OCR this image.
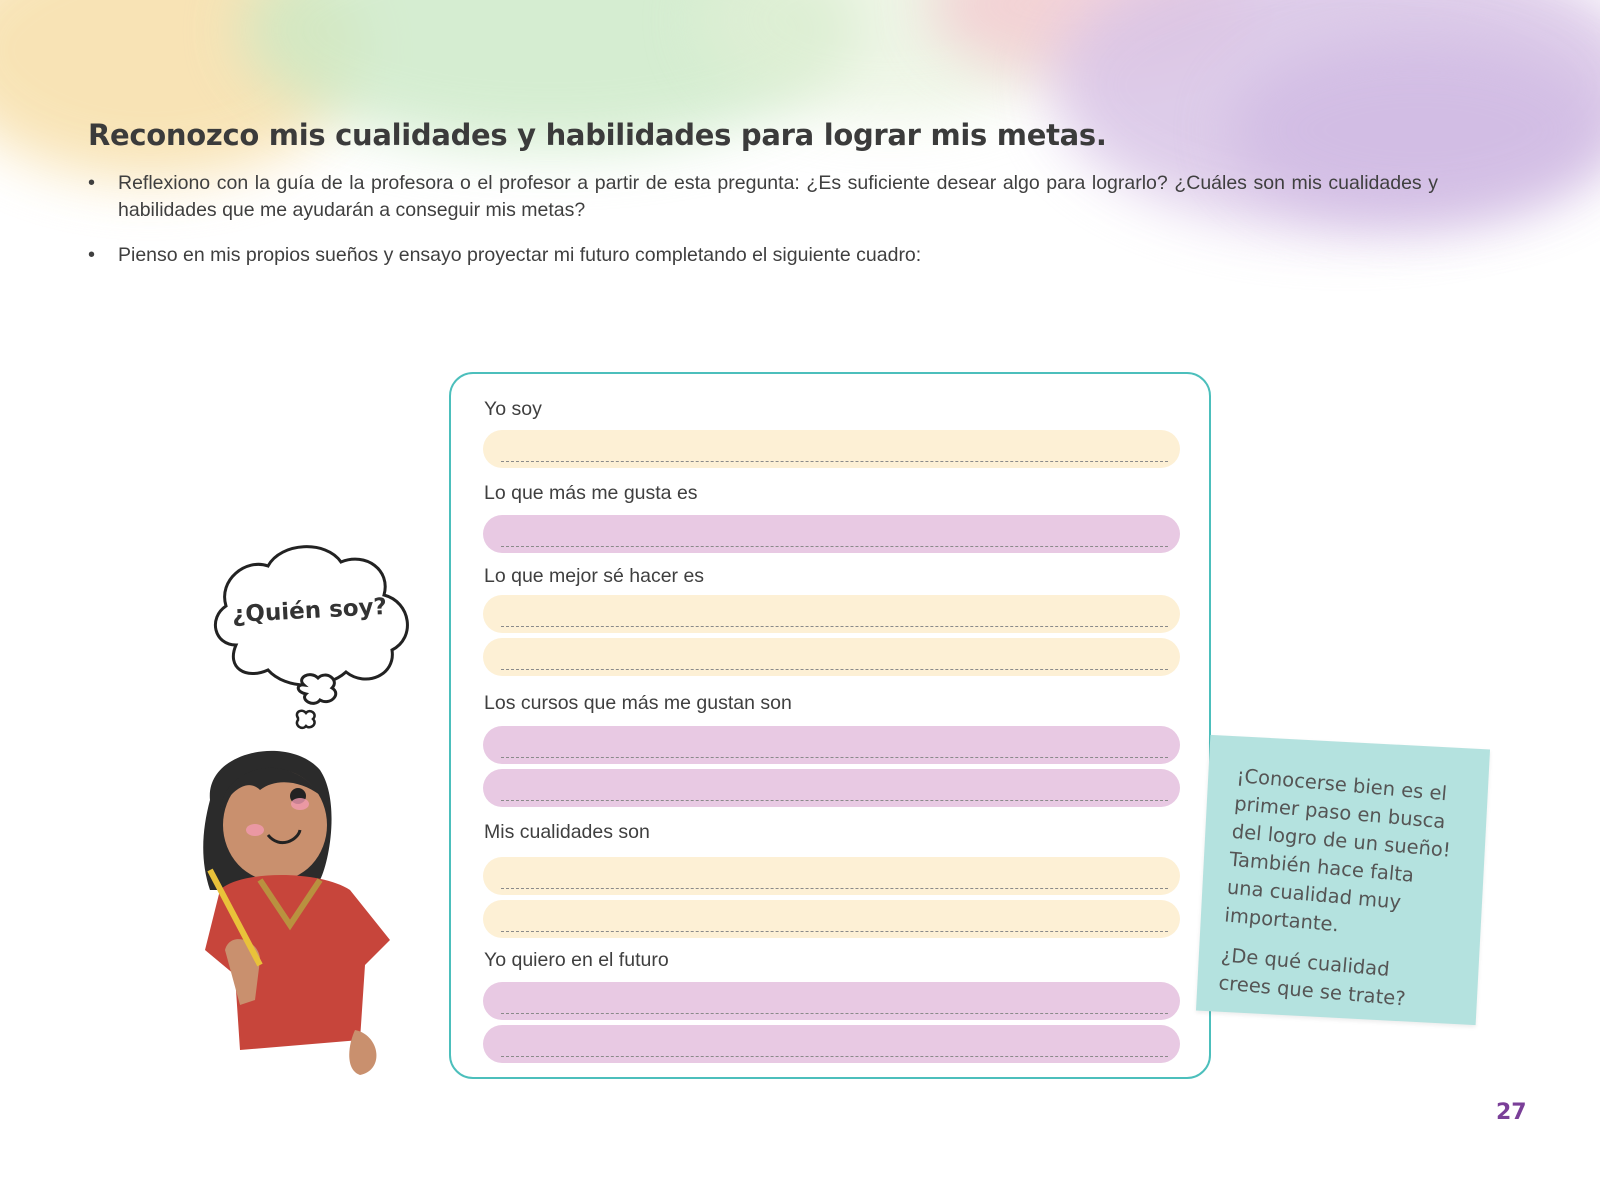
Reconozco mis cualidades y habilidades para lograr mis metas.
• Reflexiono con la guía de la profesora o el profesor a partir de esta pregunta: ¿Es suficiente desear algo para lograrlo? ¿Cuáles son mis cualidades y habilidades que me ayudarán a conseguir mis metas?
• Pienso en mis propios sueños y ensayo proyectar mi futuro completando el siguiente cuadro:
¿Quién soy?
Yo soy
Lo que más me gusta es
Lo que mejor sé hacer es
Los cursos que más me gustan son
Mis cualidades son
Yo quiero en el futuro

¡Conocerse bien es el primer paso en busca del logro de un sueño! También hace falta una cualidad muy importante.

¿De qué cualidad crees que se trate?

27
